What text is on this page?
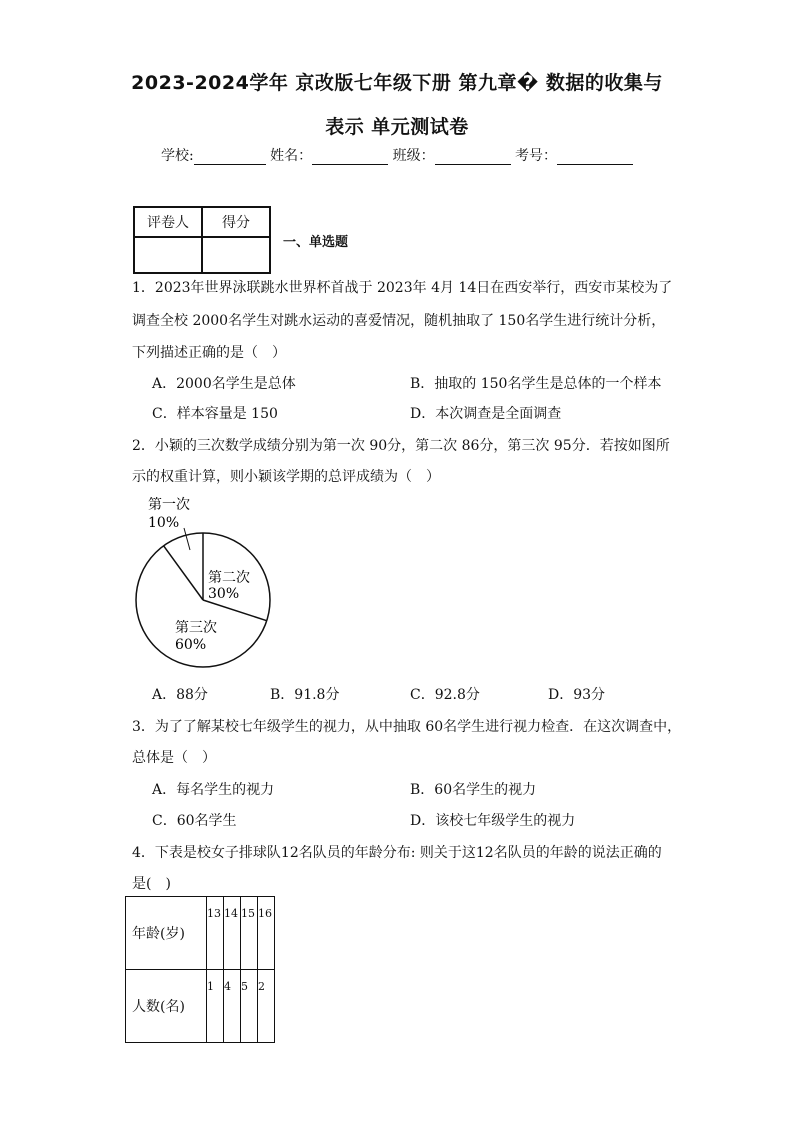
2023-2024学年 京改版七年级下册 第九章� 数据的收集与
表示 单元测试卷
学校:	姓名：	班级：	考号：
评卷人	得分

一、单选题
1．2023年世界泳联跳水世界杯首战于 2023年 4月 14日在西安举行，西安市某校为了
调查全校 2000名学生对跳水运动的喜爱情况，随机抽取了 150名学生进行统计分析，
下列描述正确的是（　）
A．2000名学生是总体	B．抽取的 150名学生是总体的一个样本
C．样本容量是 150	D．本次调查是全面调查
2．小颖的三次数学成绩分别为第一次 90分，第二次 86分，第三次 95分．若按如图所
示的权重计算，则小颖该学期的总评成绩为（　）
第一次
10%
第二次
30%
第三次
60%
A．88分	B．91.8分	C．92.8分	D．93分
3．为了了解某校七年级学生的视力，从中抽取 60名学生进行视力检查．在这次调查中，
总体是（　）
A．每名学生的视力	B．60名学生的视力
C．60名学生	D．该校七年级学生的视力
4．下表是校女子排球队12名队员的年龄分布: 则关于这12名队员的年龄的说法正确的
是(　)
年龄(岁)	13	14	15	16
人数(名)	1	4	5	2
